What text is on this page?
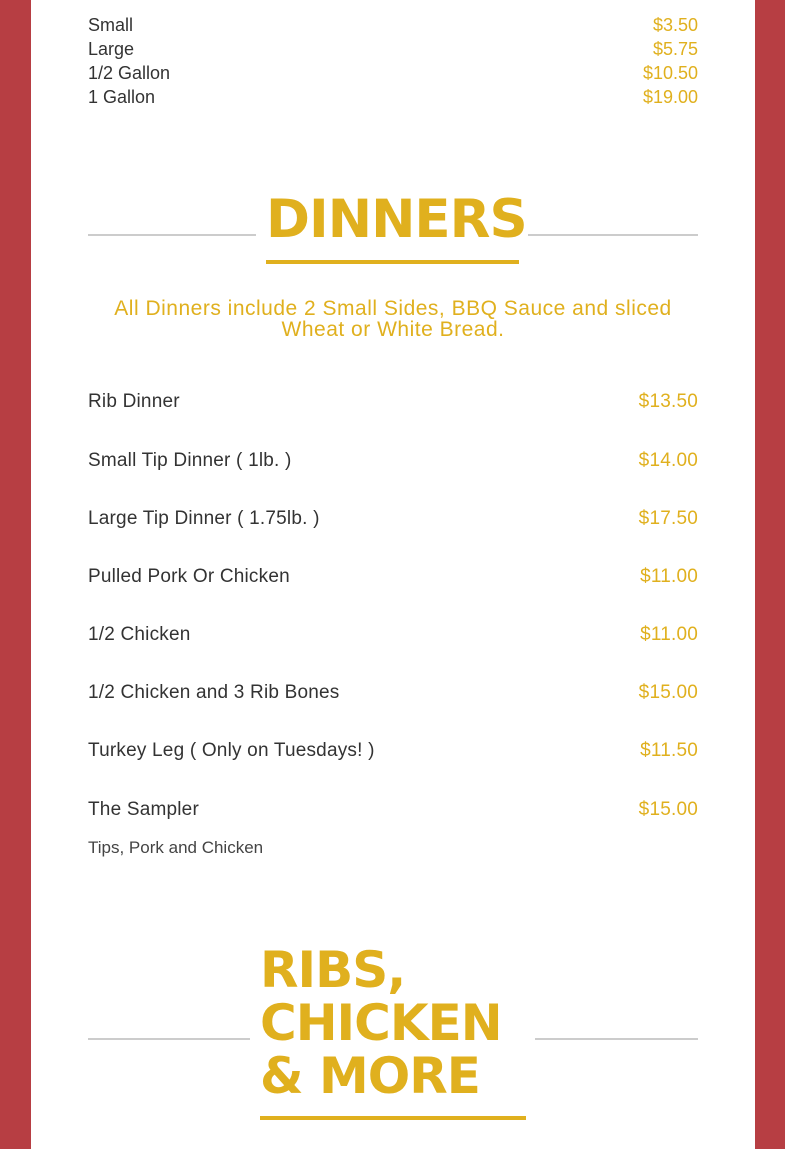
Small	$3.50
Large	$5.75
1/2 Gallon	$10.50
1 Gallon	$19.00
DINNERS
All Dinners include 2 Small Sides, BBQ Sauce and sliced Wheat or White Bread.
Rib Dinner	$13.50
Small Tip Dinner ( 1lb. )	$14.00
Large Tip Dinner ( 1.75lb. )	$17.50
Pulled Pork Or Chicken	$11.00
1/2 Chicken	$11.00
1/2 Chicken and 3 Rib Bones	$15.00
Turkey Leg ( Only on Tuesdays! )	$11.50
The Sampler	$15.00
Tips, Pork and Chicken
RIBS,
CHICKEN
& MORE
